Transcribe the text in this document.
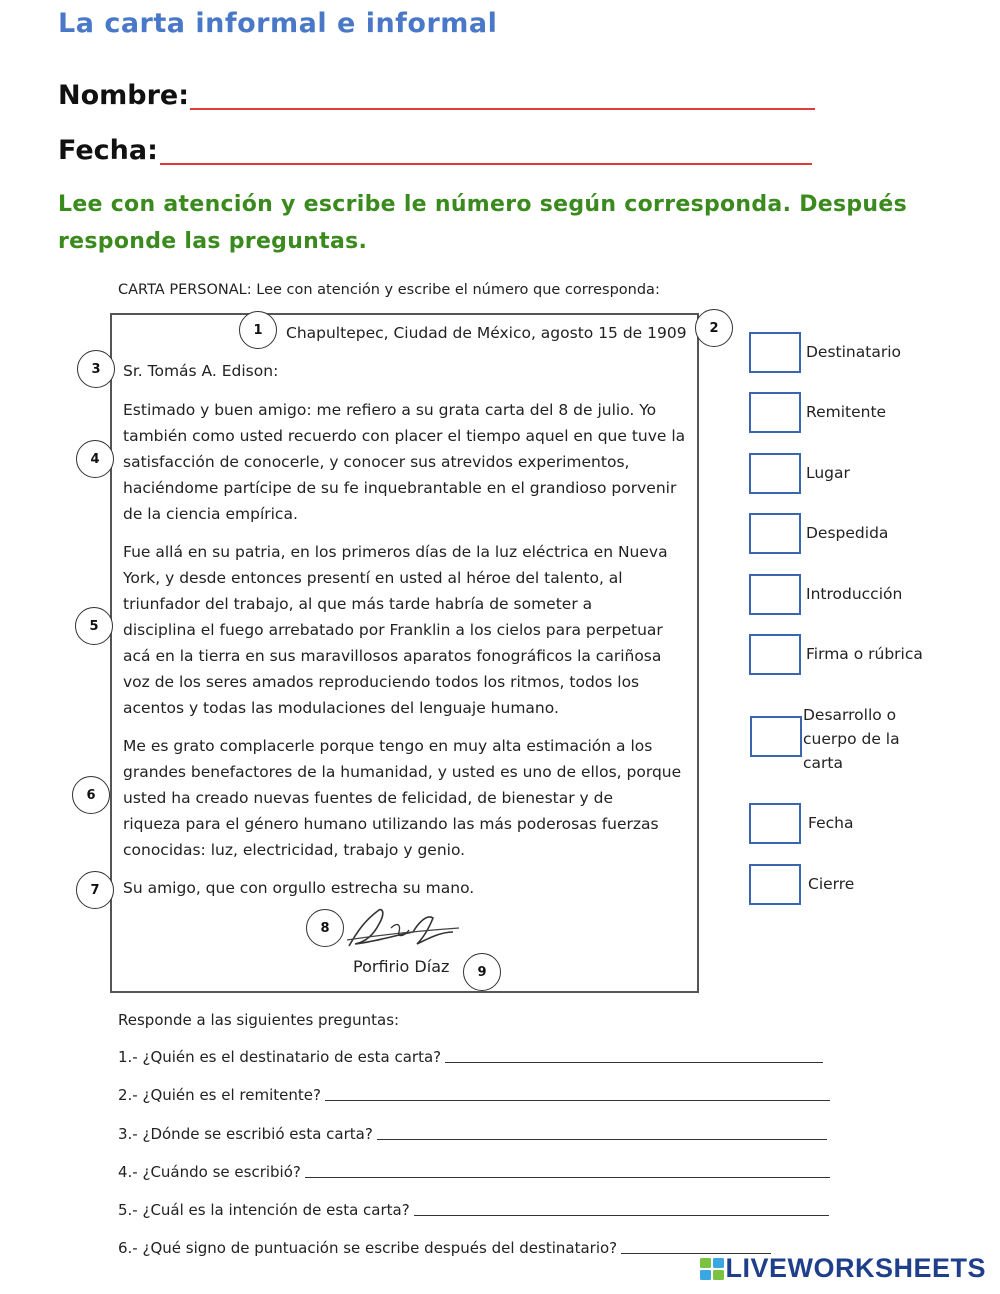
La carta informal e informal
Nombre:
Fecha:
Lee con atención y escribe le número según corresponda. Después responde las preguntas.
CARTA PERSONAL: Lee con atención y escribe el número que corresponda:
Chapultepec, Ciudad de México, agosto 15 de 1909
Sr. Tomás A. Edison:
Estimado y buen amigo: me refiero a su grata carta del 8 de julio. Yo
también como usted recuerdo con placer el tiempo aquel en que tuve la
satisfacción de conocerle, y conocer sus atrevidos experimentos,
haciéndome partícipe de su fe inquebrantable en el grandioso porvenir
de la ciencia empírica.
Fue allá en su patria, en los primeros días de la luz eléctrica en Nueva
York, y desde entonces presentí en usted al héroe del talento, al
triunfador del trabajo, al que más tarde habría de someter a
disciplina el fuego arrebatado por Franklin a los cielos para perpetuar
acá en la tierra en sus maravillosos aparatos fonográficos la cariñosa
voz de los seres amados reproduciendo todos los ritmos, todos los
acentos y todas las modulaciones del lenguaje humano.
Me es grato complacerle porque tengo en muy alta estimación a los
grandes benefactores de la humanidad, y usted es uno de ellos, porque
usted ha creado nuevas fuentes de felicidad, de bienestar y de
riqueza para el género humano utilizando las más poderosas fuerzas
conocidas: luz, electricidad, trabajo y genio.
Su amigo, que con orgullo estrecha su mano.
Porfirio Díaz
1	2
3
4
5
6
7
8
9
Destinatario
Remitente
Lugar
Despedida
Introducción
Firma o rúbrica
Desarrollo o cuerpo de la carta
Fecha
Cierre
Responde a las siguientes preguntas:
1.- ¿Quién es el destinatario de esta carta?
2.- ¿Quién es el remitente?
3.- ¿Dónde se escribió esta carta?
4.- ¿Cuándo se escribió?
5.- ¿Cuál es la intención de esta carta?
6.- ¿Qué signo de puntuación se escribe después del destinatario?
LIVEWORKSHEETS
